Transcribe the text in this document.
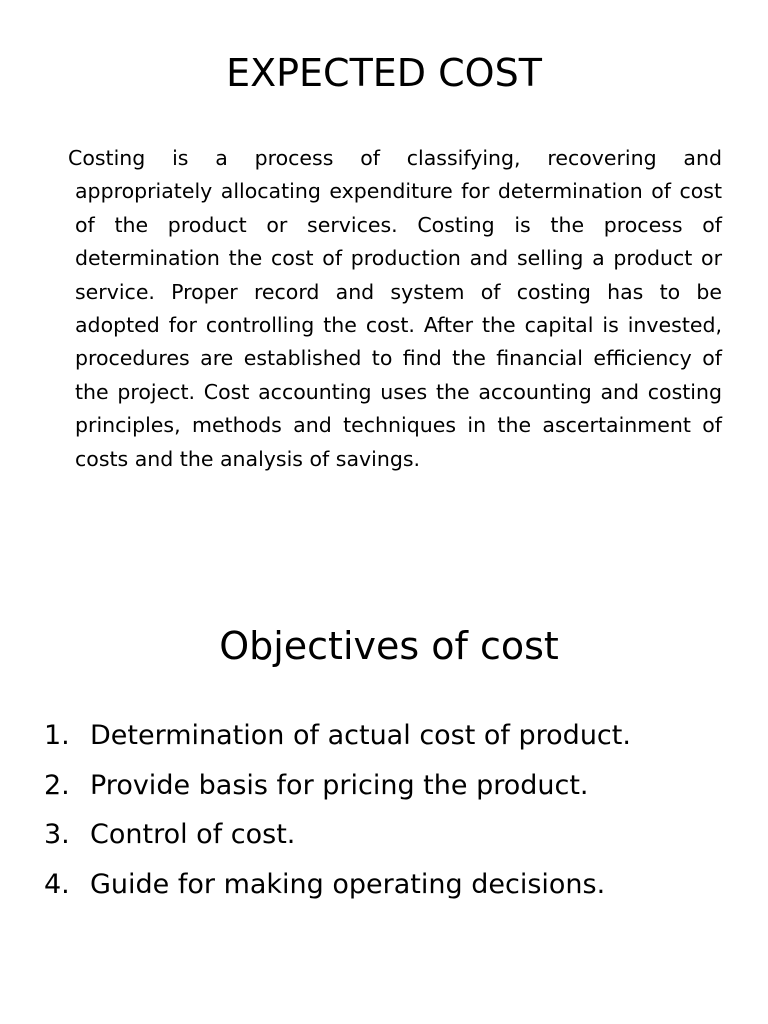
EXPECTED COST

Costing is a process of classifying, recovering and appropriately allocating expenditure for determination of cost of the product or services. Costing is the process of determination the cost of production and selling a product or service. Proper record and system of costing has to be adopted for controlling the cost. After the capital is invested, procedures are established to find the financial efficiency of the project. Cost accounting uses the accounting and costing principles, methods and techniques in the ascertainment of costs and the analysis of savings.

Objectives of cost
1. Determination of actual cost of product.
2. Provide basis for pricing the product.
3. Control of cost.
4. Guide for making operating decisions.
